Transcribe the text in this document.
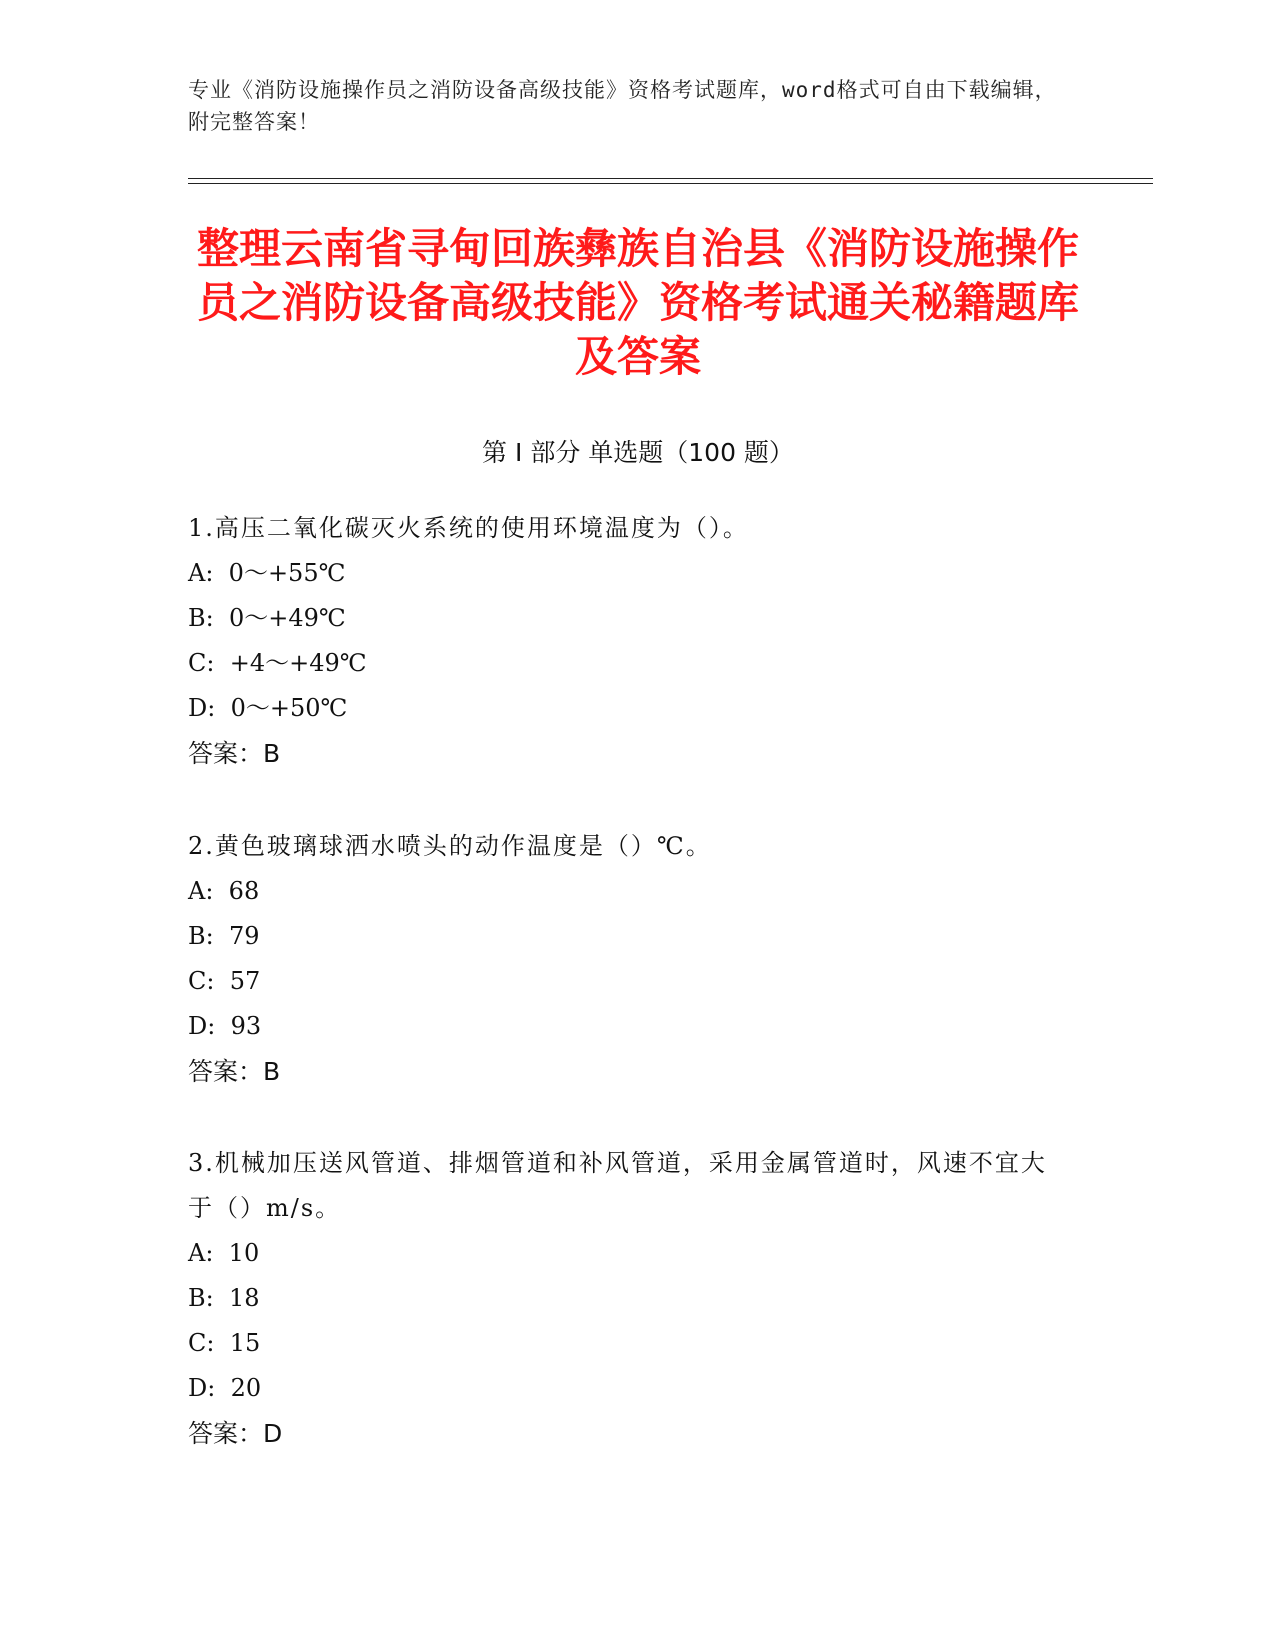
专业《消防设施操作员之消防设备高级技能》资格考试题库，word格式可自由下载编辑，附完整答案！
整理云南省寻甸回族彝族自治县《消防设施操作员之消防设备高级技能》资格考试通关秘籍题库及答案
第 I 部分 单选题（100 题）
1.高压二氧化碳灭火系统的使用环境温度为（）。
A:  0～+55℃
B:  0～+49℃
C:  +4～+49℃
D:  0～+50℃
答案：B
2.黄色玻璃球洒水喷头的动作温度是（）℃。
A:  68
B:  79
C:  57
D:  93
答案：B
3.机械加压送风管道、排烟管道和补风管道，采用金属管道时，风速不宜大于（）m/s。
A:  10
B:  18
C:  15
D:  20
答案：D
